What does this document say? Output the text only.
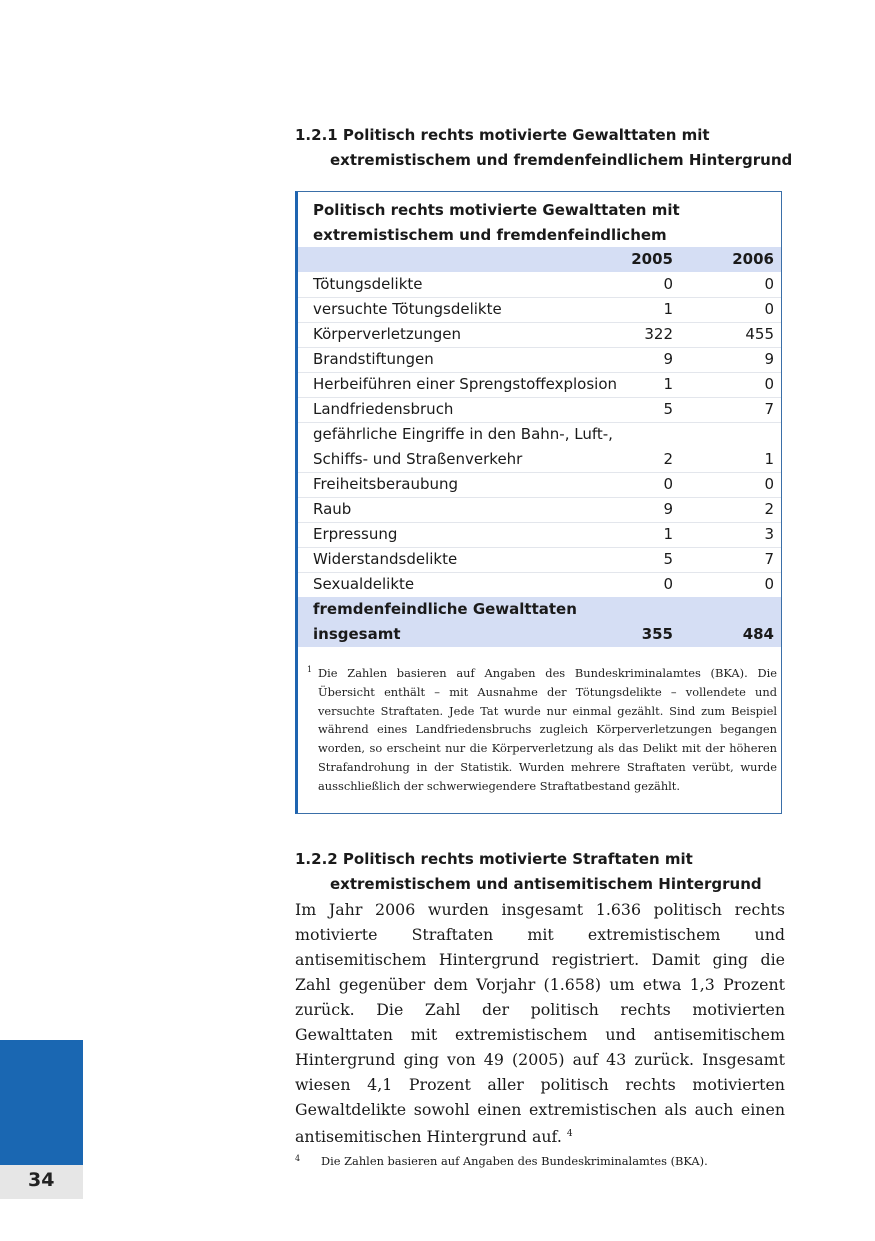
1.2.1 Politisch rechts motivierte Gewalttaten mit
extremistischem und fremdenfeindlichem Hintergrund
Politisch rechts motivierte Gewalttaten mit
extremistischem und fremdenfeindlichem
2005	2006
Tötungsdelikte	0	0
versuchte Tötungsdelikte	1	0
Körperverletzungen	322	455
Brandstiftungen	9	9
Herbeiführen einer Sprengstoffexplosion	1	0
Landfriedensbruch	5	7
gefährliche Eingriffe in den Bahn-, Luft-,
Schiffs- und Straßenverkehr	2	1
Freiheitsberaubung	0	0
Raub	9	2
Erpressung	1	3
Widerstandsdelikte	5	7
Sexualdelikte	0	0
fremdenfeindliche Gewalttaten
insgesamt	355	484
1 Die Zahlen basieren auf Angaben des Bundeskriminalamtes (BKA). Die Übersicht enthält – mit Ausnahme der Tötungsdelikte – vollendete und versuchte Straftaten. Jede Tat wurde nur einmal gezählt. Sind zum Beispiel während eines Landfriedensbruchs zugleich Körperverletzungen begangen worden, so erscheint nur die Körperverletzung als das Delikt mit der höheren Strafandrohung in der Statistik. Wurden mehrere Straftaten verübt, wurde ausschließlich der schwerwiegendere Straftatbestand gezählt.
1.2.2 Politisch rechts motivierte Straftaten mit
extremistischem und antisemitischem Hintergrund
Im Jahr 2006 wurden insgesamt 1.636 politisch rechts motivierte Straftaten mit extremistischem und antisemitischem Hintergrund registriert. Damit ging die Zahl gegenüber dem Vorjahr (1.658) um etwa 1,3 Prozent zurück. Die Zahl der politisch rechts motivierten Gewalttaten mit extremistischem und antisemitischem Hintergrund ging von 49 (2005) auf 43 zurück. Insgesamt wiesen 4,1 Prozent aller politisch rechts motivierten Gewaltdelikte sowohl einen extremistischen als auch einen antisemitischen Hintergrund auf. $^4$
4 Die Zahlen basieren auf Angaben des Bundeskriminalamtes (BKA).
34
